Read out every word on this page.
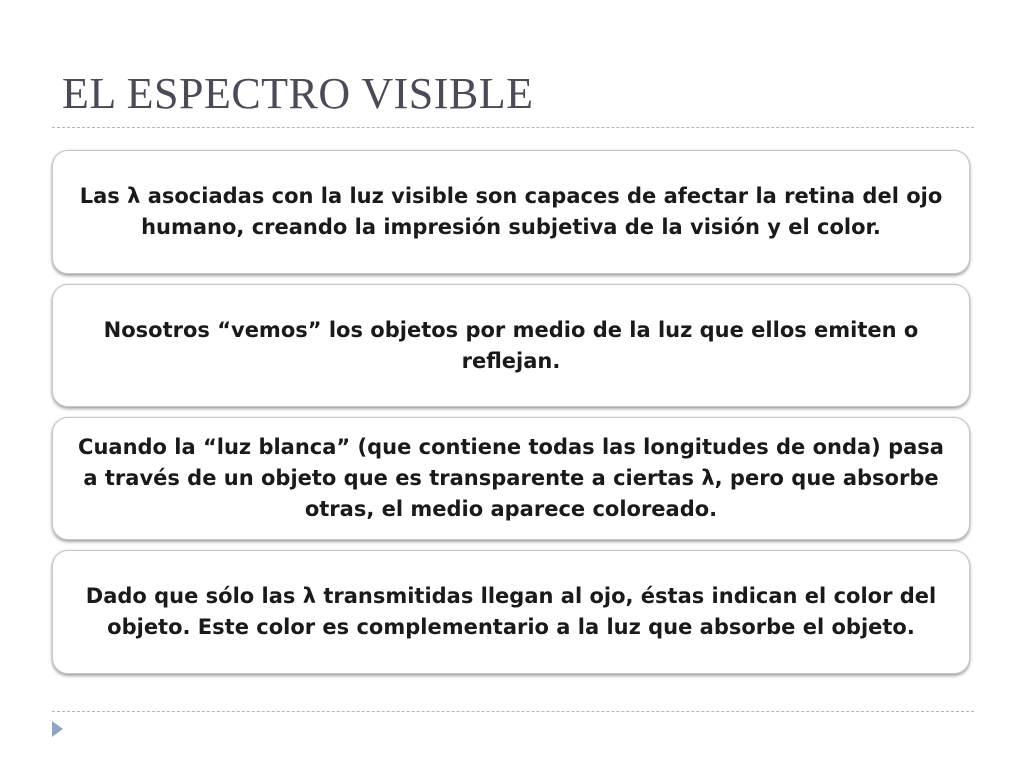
EL ESPECTRO VISIBLE
Las λ asociadas con la luz visible son capaces de afectar la retina del ojo humano, creando la impresión subjetiva de la visión y el color.
Nosotros “vemos” los objetos por medio de la luz que ellos emiten o reflejan.
Cuando la “luz blanca” (que contiene todas las longitudes de onda) pasa a través de un objeto que es transparente a ciertas λ, pero que absorbe otras, el medio aparece coloreado.
Dado que sólo las λ transmitidas llegan al ojo, éstas indican el color del objeto. Este color es complementario a la luz que absorbe el objeto.
